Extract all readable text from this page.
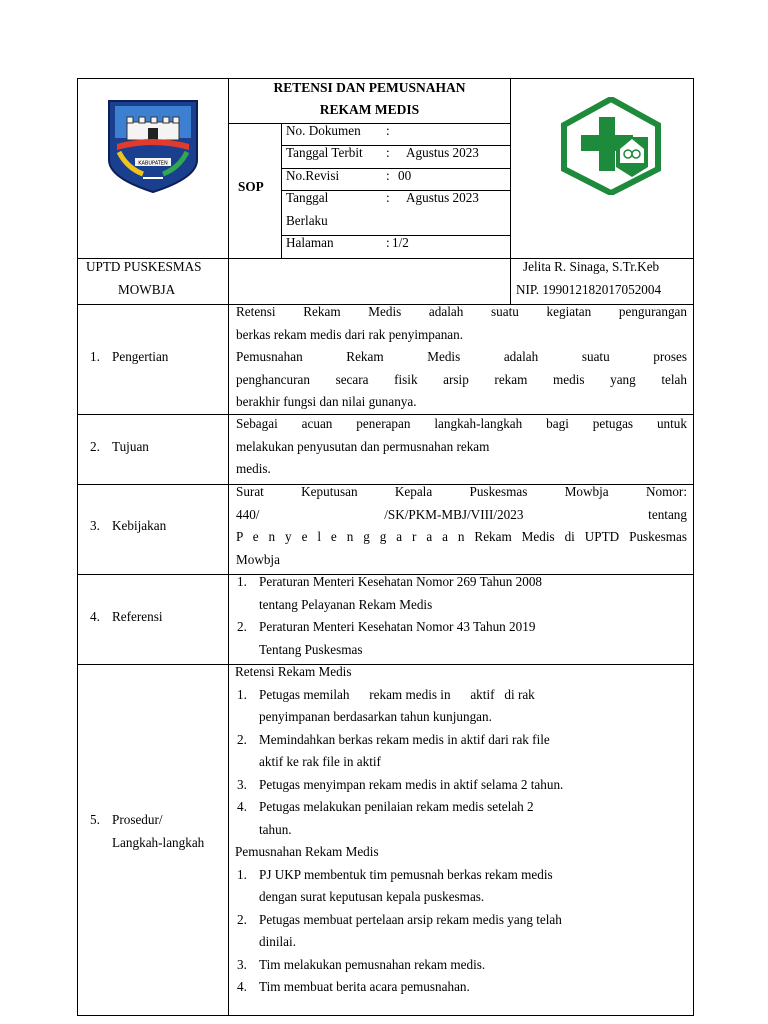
KABUPATEN
RETENSI DAN PEMUSNAHAN
REKAM MEDIS
SOP
No. Dokumen :
Tanggal Terbit : Agustus 2023
No.Revisi	: 00
Tanggal	: Agustus 2023
Berlaku
Halaman	: 1/2
UPTD PUSKESMAS
MOWBJA
Jelita R. Sinaga, S.Tr.Keb
NIP. 199012182017052004
1. Pengertian
Retensi Rekam Medis adalah suatu kegiatan pengurangan
berkas rekam medis dari rak penyimpanan.
Pemusnahan Rekam Medis adalah suatu proses
penghancuran secara fisik arsip rekam medis yang telah
berakhir fungsi dan nilai gunanya.
2. Tujuan
Sebagai acuan penerapan langkah-langkah bagi petugas untuk
melakukan penyusutan dan permusnahan rekam
medis.
3. Kebijakan
Surat Keputusan Kepala Puskesmas Mowbja Nomor:
440/ /SK/PKM-MBJ/VIII/2023 tentang
P e n y e l e n g g a r a a n Rekam Medis di UPTD Puskesmas
Mowbja
4. Referensi
1. Peraturan Menteri Kesehatan Nomor 269 Tahun 2008
tentang Pelayanan Rekam Medis
2. Peraturan Menteri Kesehatan Nomor 43 Tahun 2019
Tentang Puskesmas
5. Prosedur/
Langkah-langkah
Retensi Rekam Medis
1. Petugas memilah      rekam medis in      aktif   di rak
penyimpanan berdasarkan tahun kunjungan.
2. Memindahkan berkas rekam medis in aktif dari rak file
aktif ke rak file in aktif
3. Petugas menyimpan rekam medis in aktif selama 2 tahun.
4. Petugas melakukan penilaian rekam medis setelah 2
tahun.
Pemusnahan Rekam Medis
1. PJ UKP membentuk tim pemusnah berkas rekam medis
dengan surat keputusan kepala puskesmas.
2. Petugas membuat pertelaan arsip rekam medis yang telah
dinilai.
3. Tim melakukan pemusnahan rekam medis.
4. Tim membuat berita acara pemusnahan.
